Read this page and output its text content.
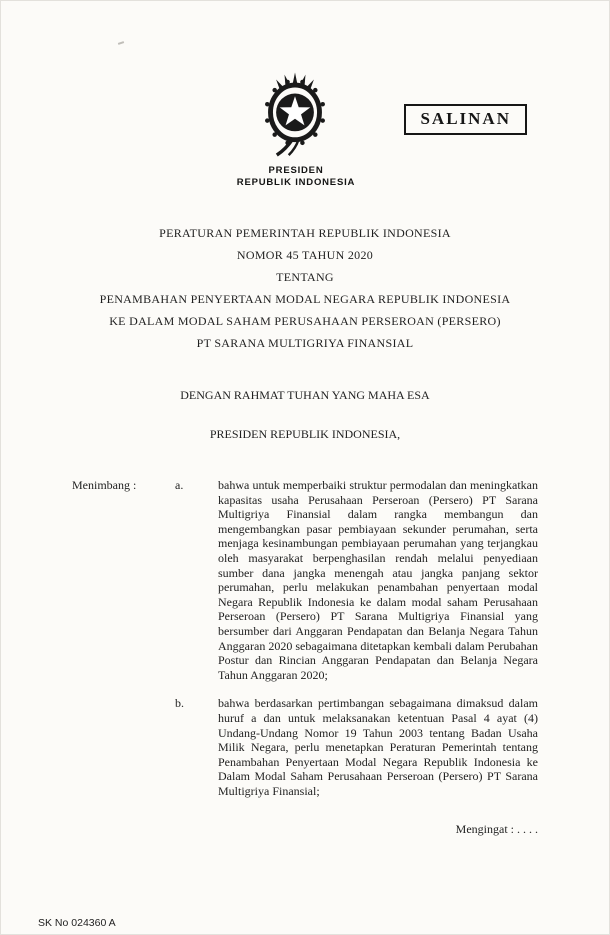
SALINAN
PRESIDEN
REPUBLIK INDONESIA
PERATURAN PEMERINTAH REPUBLIK INDONESIA
NOMOR 45 TAHUN 2020
TENTANG
PENAMBAHAN PENYERTAAN MODAL NEGARA REPUBLIK INDONESIA
KE DALAM MODAL SAHAM PERUSAHAAN PERSEROAN (PERSERO)
PT SARANA MULTIGRIYA FINANSIAL
DENGAN RAHMAT TUHAN YANG MAHA ESA
PRESIDEN REPUBLIK INDONESIA,
Menimbang :	a.	bahwa untuk memperbaiki struktur permodalan dan meningkatkan kapasitas usaha Perusahaan Perseroan (Persero) PT Sarana Multigriya Finansial dalam rangka membangun dan mengembangkan pasar pembiayaan sekunder perumahan, serta menjaga kesinambungan pembiayaan perumahan yang terjangkau oleh masyarakat berpenghasilan rendah melalui penyediaan sumber dana jangka menengah atau jangka panjang sektor perumahan, perlu melakukan penambahan penyertaan modal Negara Republik Indonesia ke dalam modal saham Perusahaan Perseroan (Persero) PT Sarana Multigriya Finansial yang bersumber dari Anggaran Pendapatan dan Belanja Negara Tahun Anggaran 2020 sebagaimana ditetapkan kembali dalam Perubahan Postur dan Rincian Anggaran Pendapatan dan Belanja Negara Tahun Anggaran 2020;
b.	bahwa berdasarkan pertimbangan sebagaimana dimaksud dalam huruf a dan untuk melaksanakan ketentuan Pasal 4 ayat (4) Undang-Undang Nomor 19 Tahun 2003 tentang Badan Usaha Milik Negara, perlu menetapkan Peraturan Pemerintah tentang Penambahan Penyertaan Modal Negara Republik Indonesia ke Dalam Modal Saham Perusahaan Perseroan (Persero) PT Sarana Multigriya Finansial;
Mengingat : . . . .
SK No 024360 A
